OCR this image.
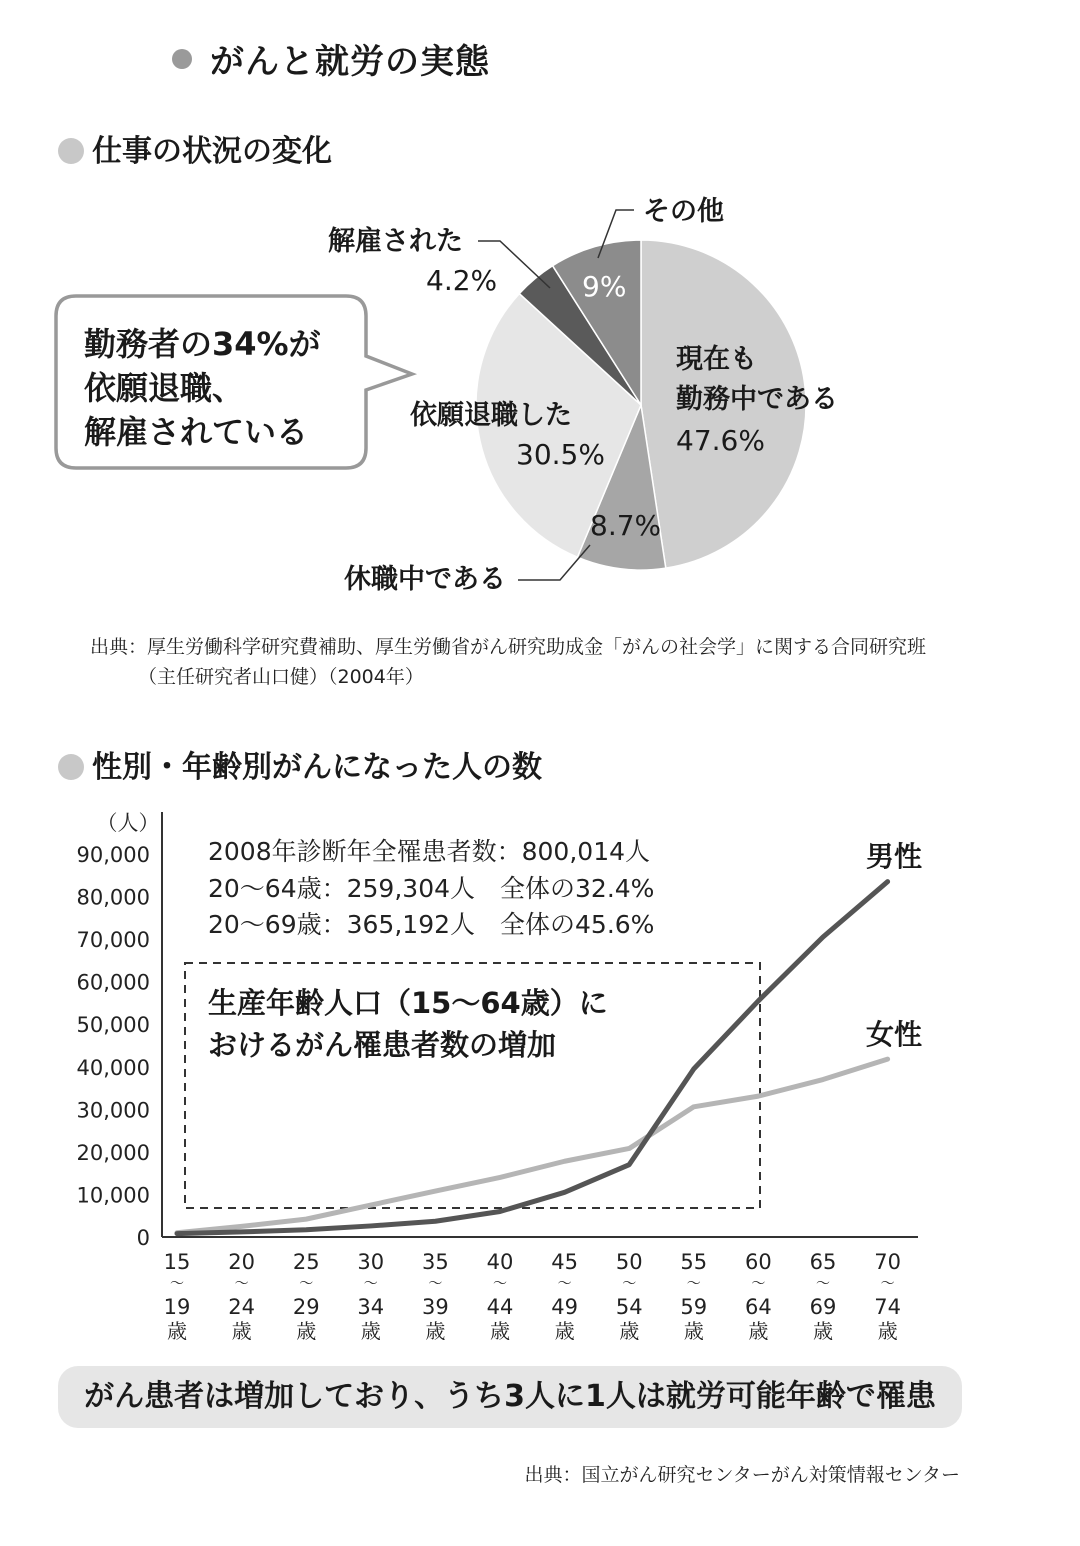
がんと就労の実態
仕事の状況の変化
勤務者の34%が
依願退職、
解雇されている
現在も
勤務中である
47.6%
8.7%
休職中である
依願退職した
30.5%
解雇された
4.2%
その他
9%
出典：厚生労働科学研究費補助、厚生労働省がん研究助成金「がんの社会学」に関する合同研究班
（主任研究者山口健）（2004年）
性別・年齢別がんになった人の数
（人）
2008年診断年全罹患者数：800,014人
20〜64歳：259,304人　全体の32.4%
20〜69歳：365,192人　全体の45.6%
生産年齢人口（15〜64歳）に
おけるがん罹患者数の増加
0
10,000
20,000
30,000
40,000
50,000
60,000
70,000
80,000
90,000
15
〜
19
歳
20
〜
24
歳
25
〜
29
歳
30
〜
34
歳
35
〜
39
歳
40
〜
44
歳
45
〜
49
歳
50
〜
54
歳
55
〜
59
歳
60
〜
64
歳
65
〜
69
歳
70
〜
74
歳
男性
女性
がん患者は増加しており、うち3人に1人は就労可能年齢で罹患
出典：国立がん研究センターがん対策情報センター
